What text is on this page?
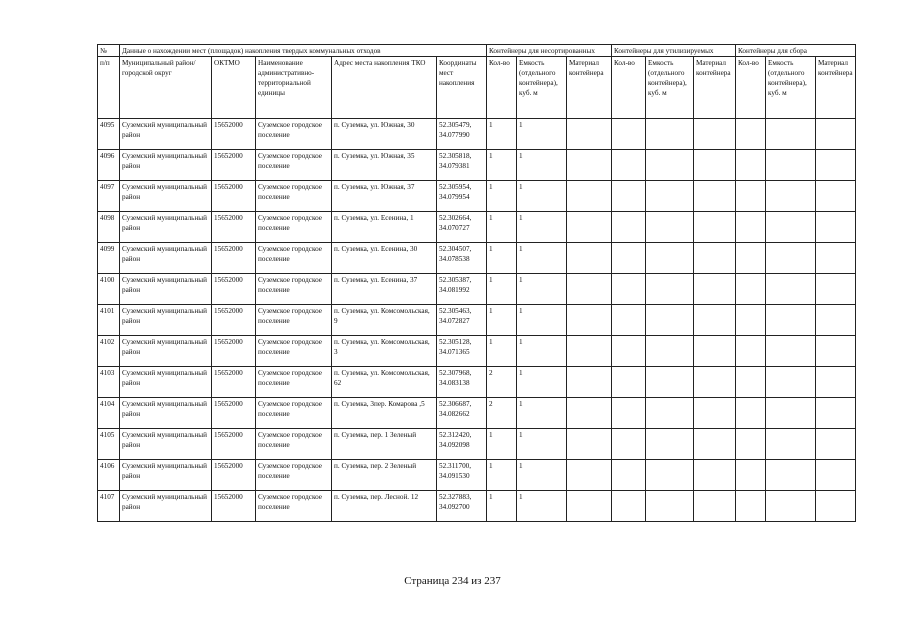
№	Данные о нахождении мест (площадок) накопления твердых коммунальных отходов					Контейнеры для несортированных			Контейнеры для утилизируемых			Контейнеры для сбора		
п/п	Муниципальный район/городской округ	ОКТМО	Наименование административно-территориальной единицы	Адрес места накопления ТКО	Координаты мест накопления	Кол-во	Емкость (отдельного контейнера), куб. м	Материал контейнера	Кол-во	Емкость (отдельного контейнера), куб. м	Материал контейнера	Кол-во	Емкость (отдельного контейнера), куб. м	Материал контейнера
4095	Суземский муниципальный район	15652000	Суземское городское поселение	п. Суземка, ул. Южная, 30	52.305479, 34.077990	1	1							
4096	Суземский муниципальный район	15652000	Суземское городское поселение	п. Суземка, ул. Южная, 35	52.305818, 34.079381	1	1							
4097	Суземский муниципальный район	15652000	Суземское городское поселение	п. Суземка, ул. Южная, 37	52.305954, 34.079954	1	1							
4098	Суземский муниципальный район	15652000	Суземское городское поселение	п. Суземка, ул. Есенина, 1	52.302664, 34.070727	1	1							
4099	Суземский муниципальный район	15652000	Суземское городское поселение	п. Суземка, ул. Есенина, 30	52.304507, 34.078538	1	1							
4100	Суземский муниципальный район	15652000	Суземское городское поселение	п. Суземка, ул. Есенина, 37	52.305387, 34.081992	1	1							
4101	Суземский муниципальный район	15652000	Суземское городское поселение	п. Суземка, ул. Комсомольская, 9	52.305463, 34.072827	1	1							
4102	Суземский муниципальный район	15652000	Суземское городское поселение	п. Суземка, ул. Комсомольская, 3	52.305128, 34.071365	1	1							
4103	Суземский муниципальный район	15652000	Суземское городское поселение	п. Суземка, ул. Комсомольская, 62	52.307968, 34.083138	2	1							
4104	Суземский муниципальный район	15652000	Суземское городское поселение	п. Суземка, 3пер. Комарова ,5	52.306687, 34.082662	2	1							
4105	Суземский муниципальный район	15652000	Суземское городское поселение	п. Суземка, пер. 1 Зеленый	52.312420, 34.092098	1	1							
4106	Суземский муниципальный район	15652000	Суземское городское поселение	п. Суземка, пер. 2 Зеленый	52.311700, 34.091530	1	1							
4107	Суземский муниципальный район	15652000	Суземское городское поселение	п. Суземка, пер. Лесной. 12	52.327883, 34.092700	1	1							
Страница 234 из 237
